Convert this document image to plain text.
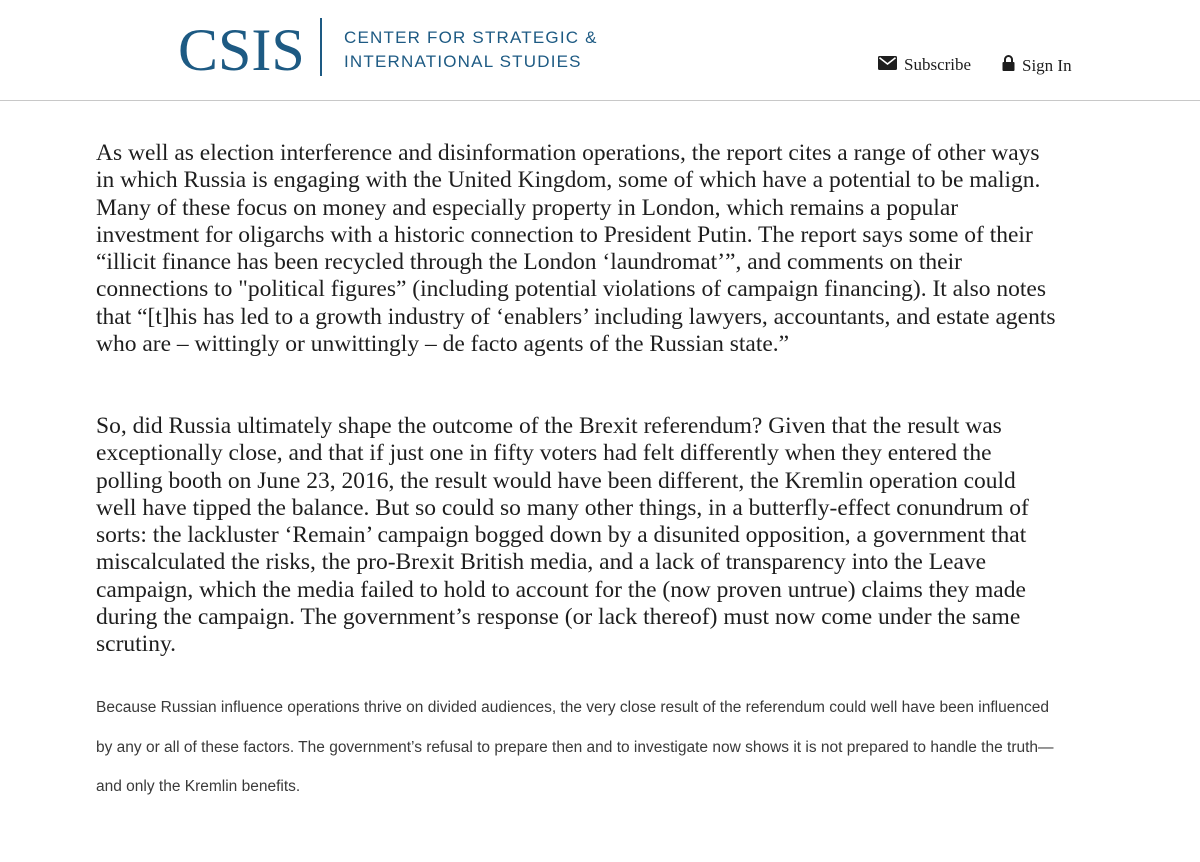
CSIS CENTER FOR STRATEGIC &
INTERNATIONAL STUDIES	Subscribe	Sign In

As well as election interference and disinformation operations, the report cites a range of other ways in which Russia is engaging with the United Kingdom, some of which have a potential to be malign. Many of these focus on money and especially property in London, which remains a popular investment for oligarchs with a historic connection to President Putin. The report says some of their “illicit finance has been recycled through the London ‘laundromat’”, and comments on their connections to "political figures” (including potential violations of campaign financing). It also notes that “[t]his has led to a growth industry of ‘enablers’ including lawyers, accountants, and estate agents who are – wittingly or unwittingly – de facto agents of the Russian state.”

So, did Russia ultimately shape the outcome of the Brexit referendum? Given that the result was exceptionally close, and that if just one in fifty voters had felt differently when they entered the polling booth on June 23, 2016, the result would have been different, the Kremlin operation could well have tipped the balance. But so could so many other things, in a butterfly-effect conundrum of sorts: the lackluster ‘Remain’ campaign bogged down by a disunited opposition, a government that miscalculated the risks, the pro-Brexit British media, and a lack of transparency into the Leave campaign, which the media failed to hold to account for the (now proven untrue) claims they made during the campaign. The government’s response (or lack thereof) must now come under the same scrutiny.

Because Russian influence operations thrive on divided audiences, the very close result of the referendum could well have been influenced by any or all of these factors. The government’s refusal to prepare then and to investigate now shows it is not prepared to handle the truth—and only the Kremlin benefits.
